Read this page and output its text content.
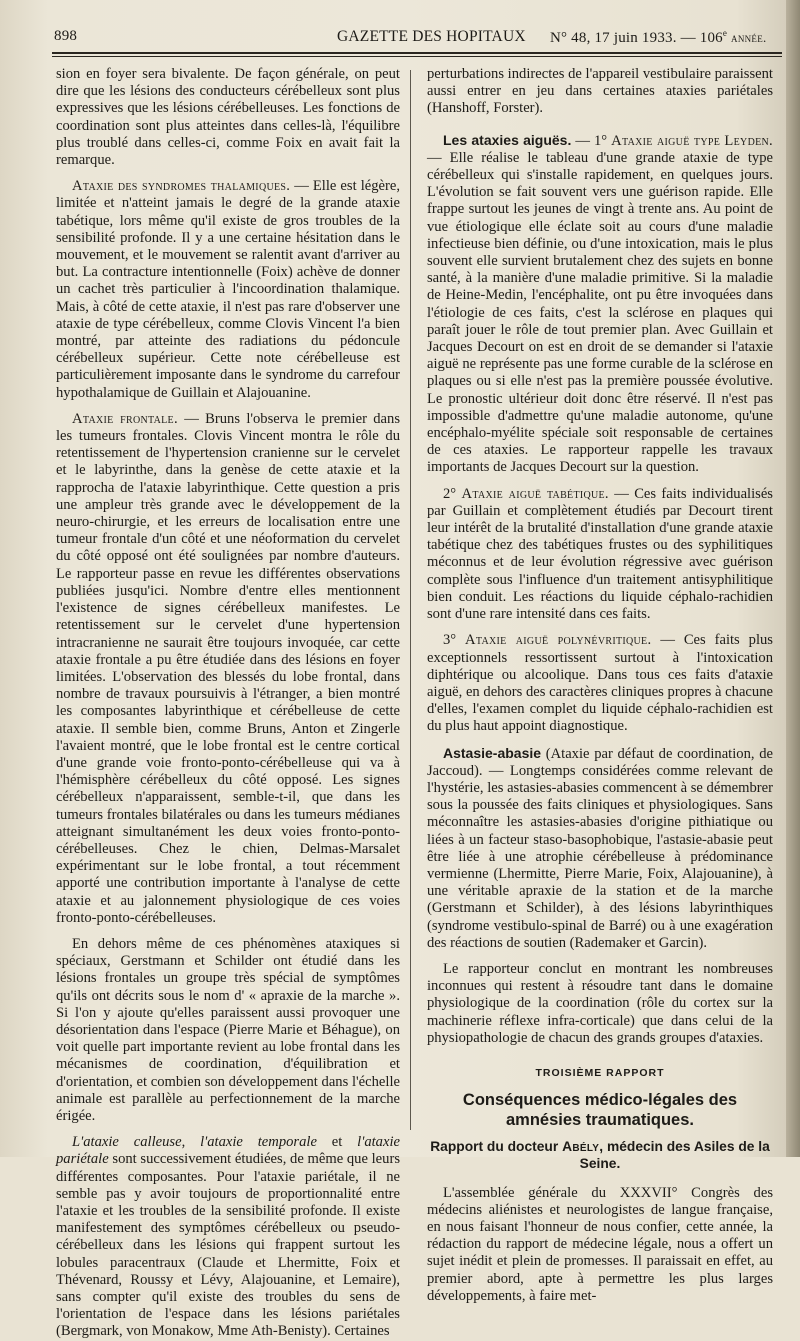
898	GAZETTE DES HOPITAUX N° 48, 17 juin 1933. — 106e année.

sion en foyer sera bivalente. De façon générale, on peut dire que les lésions des conducteurs cérébelleux sont plus expressives que les lésions cérébelleuses. Les fonctions de coordination sont plus atteintes dans celles-là, l'équilibre plus troublé dans celles-ci, comme Foix en avait fait la remarque.

Ataxie des syndromes thalamiques. — Elle est légère, limitée et n'atteint jamais le degré de la grande ataxie tabétique, lors même qu'il existe de gros troubles de la sensibilité profonde. Il y a une certaine hésitation dans le mouvement, et le mouvement se ralentit avant d'arriver au but. La contracture intentionnelle (Foix) achève de donner un cachet très particulier à l'incoordination thalamique. Mais, à côté de cette ataxie, il n'est pas rare d'observer une ataxie de type cérébelleux, comme Clovis Vincent l'a bien montré, par atteinte des radiations du pédoncule cérébelleux supérieur. Cette note cérébelleuse est particulièrement imposante dans le syndrome du carrefour hypothalamique de Guillain et Alajouanine.

Ataxie frontale. — Bruns l'observa le premier dans les tumeurs frontales. Clovis Vincent montra le rôle du retentissement de l'hypertension cranienne sur le cervelet et le labyrinthe, dans la genèse de cette ataxie et la rapprocha de l'ataxie labyrinthique. Cette question a pris une ampleur très grande avec le développement de la neuro-chirurgie, et les erreurs de localisation entre une tumeur frontale d'un côté et une néoformation du cervelet du côté opposé ont été soulignées par nombre d'auteurs. Le rapporteur passe en revue les différentes observations publiées jusqu'ici. Nombre d'entre elles mentionnent l'existence de signes cérébelleux manifestes. Le retentissement sur le cervelet d'une hypertension intracranienne ne saurait être toujours invoquée, car cette ataxie frontale a pu être étudiée dans des lésions en foyer limitées. L'observation des blessés du lobe frontal, dans nombre de travaux poursuivis à l'étranger, a bien montré les composantes labyrinthique et cérébelleuse de cette ataxie. Il semble bien, comme Bruns, Anton et Zingerle l'avaient montré, que le lobe frontal est le centre cortical d'une grande voie fronto-ponto-cérébelleuse qui va à l'hémisphère cérébelleux du côté opposé. Les signes cérébelleux n'apparaissent, semble-t-il, que dans les tumeurs frontales bilatérales ou dans les tumeurs médianes atteignant simultanément les deux voies fronto-ponto-cérébelleuses. Chez le chien, Delmas-Marsalet expérimentant sur le lobe frontal, a tout récemment apporté une contribution importante à l'analyse de cette ataxie et au jalonnement physiologique de ces voies fronto-ponto-cérébelleuses.

En dehors même de ces phénomènes ataxiques si spéciaux, Gerstmann et Schilder ont étudié dans les lésions frontales un groupe très spécial de symptômes qu'ils ont décrits sous le nom d' « apraxie de la marche ». Si l'on y ajoute qu'elles paraissent aussi provoquer une désorientation dans l'espace (Pierre Marie et Béhague), on voit quelle part importante revient au lobe frontal dans les mécanismes de coordination, d'équilibration et d'orientation, et combien son développement dans l'échelle animale est parallèle au perfectionnement de la marche érigée.

L'ataxie calleuse, l'ataxie temporale et l'ataxie pariétale sont successivement étudiées, de même que leurs différentes composantes. Pour l'ataxie pariétale, il ne semble pas y avoir toujours de proportionnalité entre l'ataxie et les troubles de la sensibilité profonde. Il existe manifestement des symptômes cérébelleux ou pseudo-cérébelleux dans les lésions qui frappent surtout les lobules paracentraux (Claude et Lhermitte, Foix et Thévenard, Roussy et Lévy, Alajouanine, et Lemaire), sans compter qu'il existe des troubles du sens de l'orientation de l'espace dans les lésions pariétales (Bergmark, von Monakow, Mme Ath-Benisty). Certaines

perturbations indirectes de l'appareil vestibulaire paraissent aussi entrer en jeu dans certaines ataxies pariétales (Hanshoff, Forster).

Les ataxies aiguës. — 1° Ataxie aiguë type Leyden. — Elle réalise le tableau d'une grande ataxie de type cérébelleux qui s'installe rapidement, en quelques jours. L'évolution se fait souvent vers une guérison rapide. Elle frappe surtout les jeunes de vingt à trente ans. Au point de vue étiologique elle éclate soit au cours d'une maladie infectieuse bien définie, ou d'une intoxication, mais le plus souvent elle survient brutalement chez des sujets en bonne santé, à la manière d'une maladie primitive. Si la maladie de Heine-Medin, l'encéphalite, ont pu être invoquées dans l'étiologie de ces faits, c'est la sclérose en plaques qui paraît jouer le rôle de tout premier plan. Avec Guillain et Jacques Decourt on est en droit de se demander si l'ataxie aiguë ne représente pas une forme curable de la sclérose en plaques ou si elle n'est pas la première poussée évolutive. Le pronostic ultérieur doit donc être réservé. Il n'est pas impossible d'admettre qu'une maladie autonome, qu'une encéphalo-myélite spéciale soit responsable de certaines de ces ataxies. Le rapporteur rappelle les travaux importants de Jacques Decourt sur la question.

2° Ataxie aiguë tabétique. — Ces faits individualisés par Guillain et complètement étudiés par Decourt tirent leur intérêt de la brutalité d'installation d'une grande ataxie tabétique chez des tabétiques frustes ou des syphilitiques méconnus et de leur évolution régressive avec guérison complète sous l'influence d'un traitement antisyphilitique bien conduit. Les réactions du liquide céphalo-rachidien sont d'une rare intensité dans ces faits.

3° Ataxie aiguë polynévritique. — Ces faits plus exceptionnels ressortissent surtout à l'intoxication diphtérique ou alcoolique. Dans tous ces faits d'ataxie aiguë, en dehors des caractères cliniques propres à chacune d'elles, l'examen complet du liquide céphalo-rachidien est du plus haut appoint diagnostique.

Astasie-abasie (Ataxie par défaut de coordination, de Jaccoud). — Longtemps considérées comme relevant de l'hystérie, les astasies-abasies commencent à se démembrer sous la poussée des faits cliniques et physiologiques. Sans méconnaître les astasies-abasies d'origine pithiatique ou liées à un facteur staso-basophobique, l'astasie-abasie peut être liée à une atrophie cérébelleuse à prédominance vermienne (Lhermitte, Pierre Marie, Foix, Alajouanine), à une véritable apraxie de la station et de la marche (Gerstmann et Schilder), à des lésions labyrinthiques (syndrome vestibulo-spinal de Barré) ou à une exagération des réactions de soutien (Rademaker et Garcin).

Le rapporteur conclut en montrant les nombreuses inconnues qui restent à résoudre tant dans le domaine physiologique de la coordination (rôle du cortex sur la machinerie réflexe infra-corticale) que dans celui de la physiopathologie de chacun des grands groupes d'ataxies.

TROISIÈME RAPPORT

Conséquences médico-légales des amnésies traumatiques.

Rapport du docteur Abély, médecin des Asiles de la Seine.

L'assemblée générale du XXXVII° Congrès des médecins aliénistes et neurologistes de langue française, en nous faisant l'honneur de nous confier, cette année, la rédaction du rapport de médecine légale, nous a offert un sujet inédit et plein de promesses. Il paraissait en effet, au premier abord, apte à permettre les plus larges développements, à faire met-
